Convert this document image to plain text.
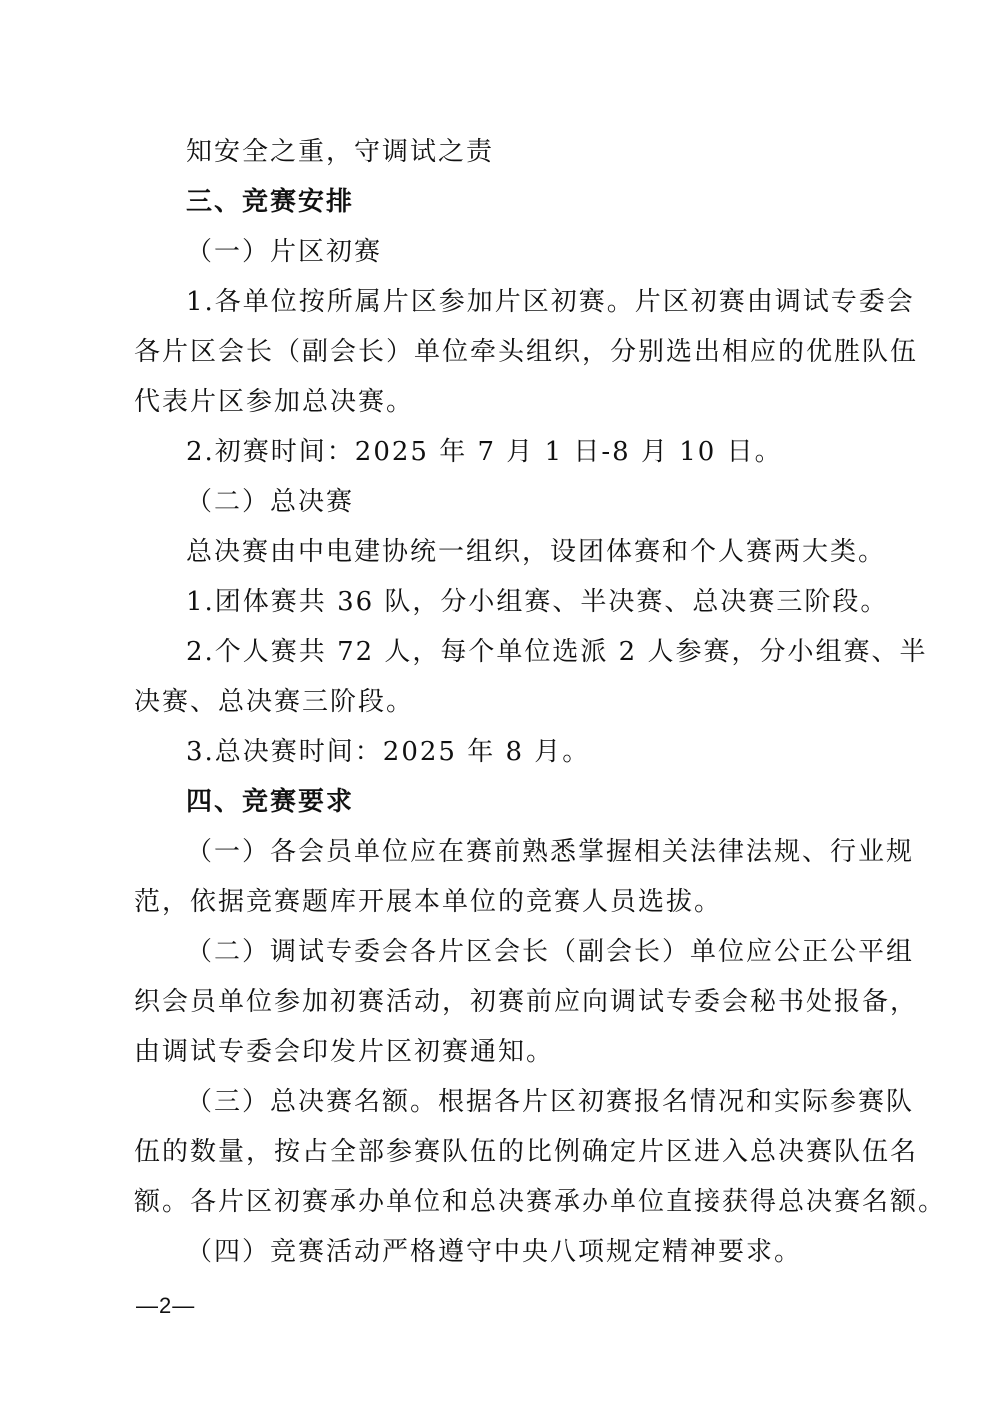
知安全之重，守调试之责
三、竞赛安排
（一）片区初赛
1.各单位按所属片区参加片区初赛。片区初赛由调试专委会
各片区会长（副会长）单位牵头组织，分别选出相应的优胜队伍
代表片区参加总决赛。
2.初赛时间：2025 年 7 月 1 日-8 月 10 日。
（二）总决赛
总决赛由中电建协统一组织，设团体赛和个人赛两大类。
1.团体赛共 36 队，分小组赛、半决赛、总决赛三阶段。
2.个人赛共 72 人，每个单位选派 2 人参赛，分小组赛、半
决赛、总决赛三阶段。
3.总决赛时间：2025 年 8 月。
四、竞赛要求
（一）各会员单位应在赛前熟悉掌握相关法律法规、行业规
范，依据竞赛题库开展本单位的竞赛人员选拔。
（二）调试专委会各片区会长（副会长）单位应公正公平组
织会员单位参加初赛活动，初赛前应向调试专委会秘书处报备，
由调试专委会印发片区初赛通知。
（三）总决赛名额。根据各片区初赛报名情况和实际参赛队
伍的数量，按占全部参赛队伍的比例确定片区进入总决赛队伍名
额。各片区初赛承办单位和总决赛承办单位直接获得总决赛名额。
（四）竞赛活动严格遵守中央八项规定精神要求。
—2—
